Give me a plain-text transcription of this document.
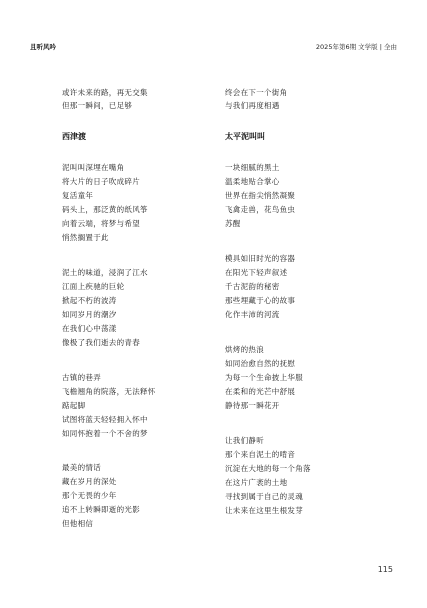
且听风吟	2025年第6期 文学版 | 全由
或许未来的路，再无交集
但那一瞬间，已足够
西津渡
泥叫叫深埋在嘴角
将大片的日子吹成碎片
复活童年
码头上，那泛黄的纸风筝
向着云端，将梦与希望
悄然搁置于此
泥土的味道，浸润了江水
江面上疾驰的巨轮
掀起不朽的波涛
如同岁月的潮汐
在我们心中荡漾
像极了我们逝去的青春
古镇的巷弄
飞檐翘角的院落，无法释怀
踮起脚
试图将蓝天轻轻拥入怀中
如同怀抱着一个不舍的梦
最美的情话
藏在岁月的深处
那个无畏的少年
追不上转瞬即逝的光影
但他相信
终会在下一个街角
与我们再度相遇
太平泥叫叫
一块细腻的黑土
温柔地贴合掌心
世界在指尖悄然凝聚
飞禽走兽，花鸟鱼虫
苏醒
模具如旧时光的容器
在阳光下轻声叙述
千古泥韵的秘密
那些埋藏于心的故事
化作丰沛的河流
烘烤的热浪
如同治愈自然的抚慰
为每一个生命披上华服
在柔和的光芒中舒展
静待那一瞬花开
让我们静听
那个来自泥土的啃音
沉淀在大地的每一个角落
在这片广袤的土地
寻找到属于自己的灵魂
让未来在这里生根发芽
115
